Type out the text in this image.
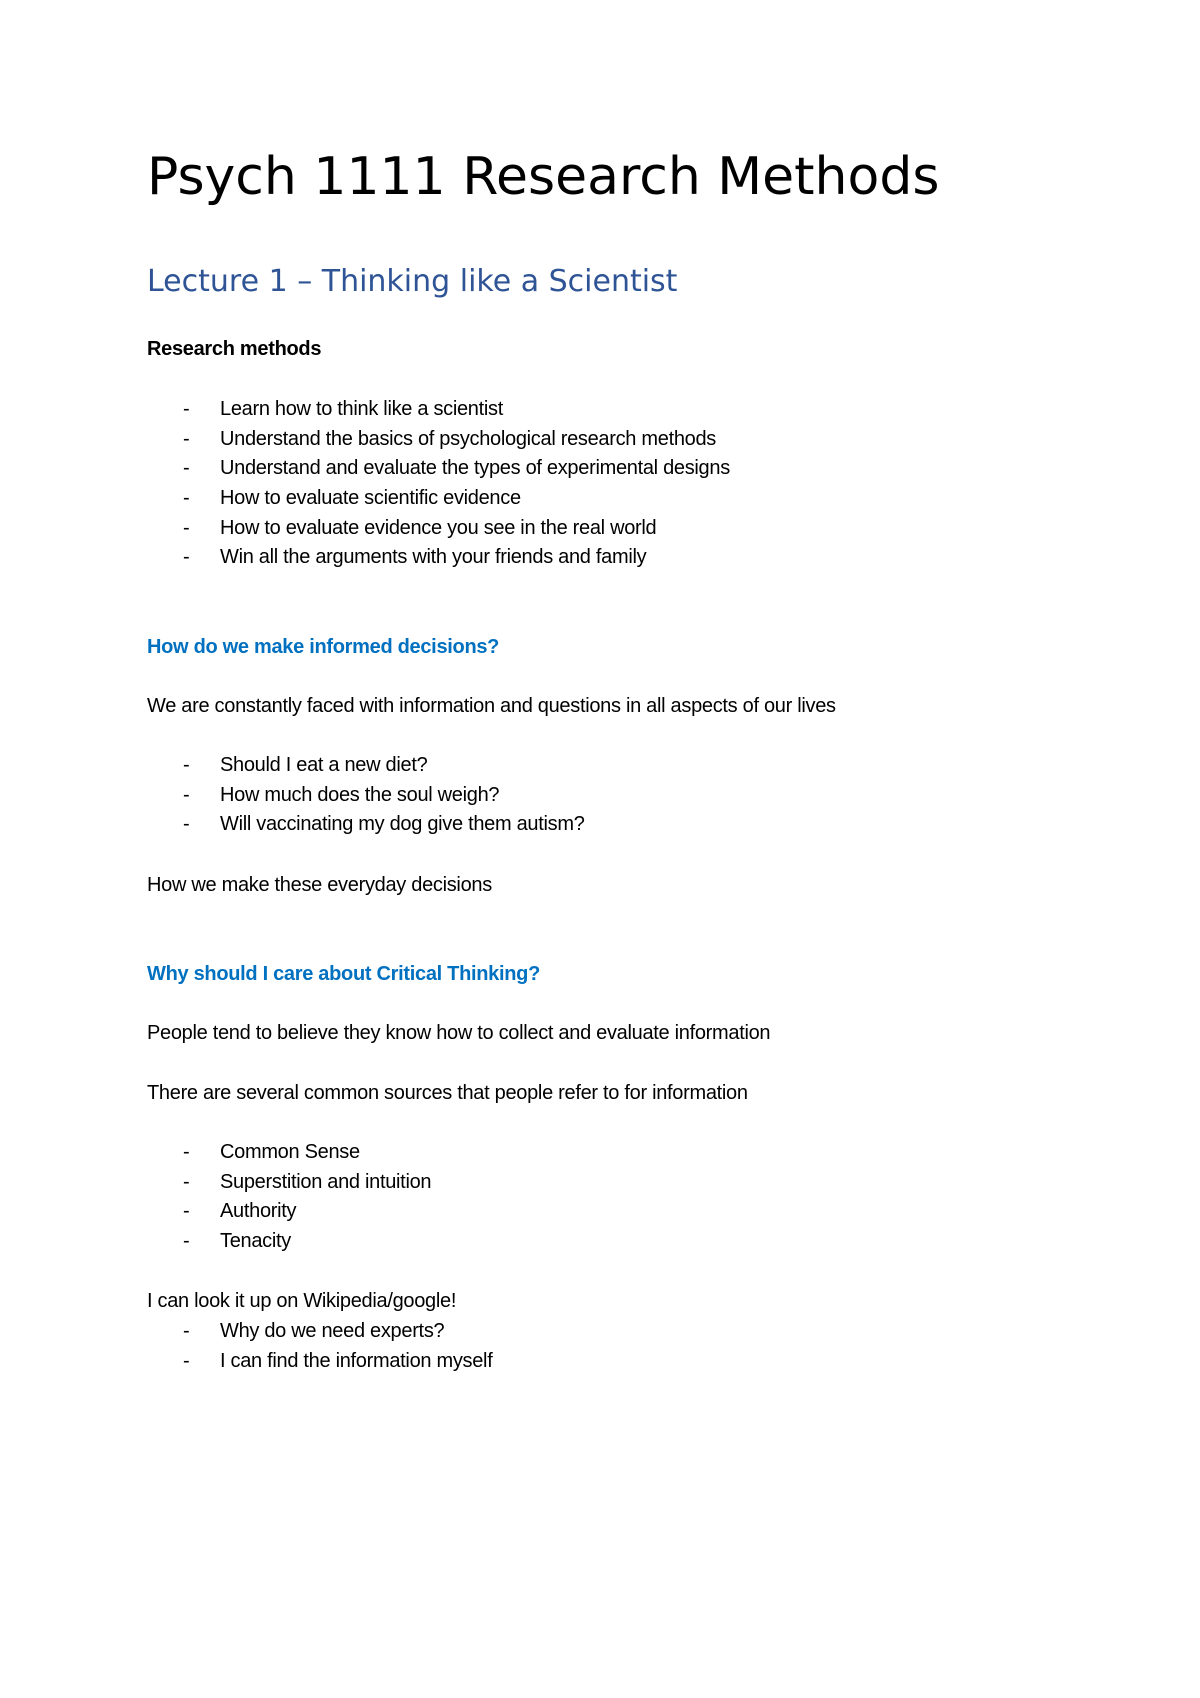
Psych 1111 Research Methods
Lecture 1 – Thinking like a Scientist

Research methods

- Learn how to think like a scientist
- Understand the basics of psychological research methods
- Understand and evaluate the types of experimental designs
- How to evaluate scientific evidence
- How to evaluate evidence you see in the real world
- Win all the arguments with your friends and family

How do we make informed decisions?

We are constantly faced with information and questions in all aspects of our lives

- Should I eat a new diet?
- How much does the soul weigh?
- Will vaccinating my dog give them autism?

How we make these everyday decisions

Why should I care about Critical Thinking?

People tend to believe they know how to collect and evaluate information

There are several common sources that people refer to for information

- Common Sense
- Superstition and intuition
- Authority
- Tenacity

I can look it up on Wikipedia/google!

- Why do we need experts?
- I can find the information myself
